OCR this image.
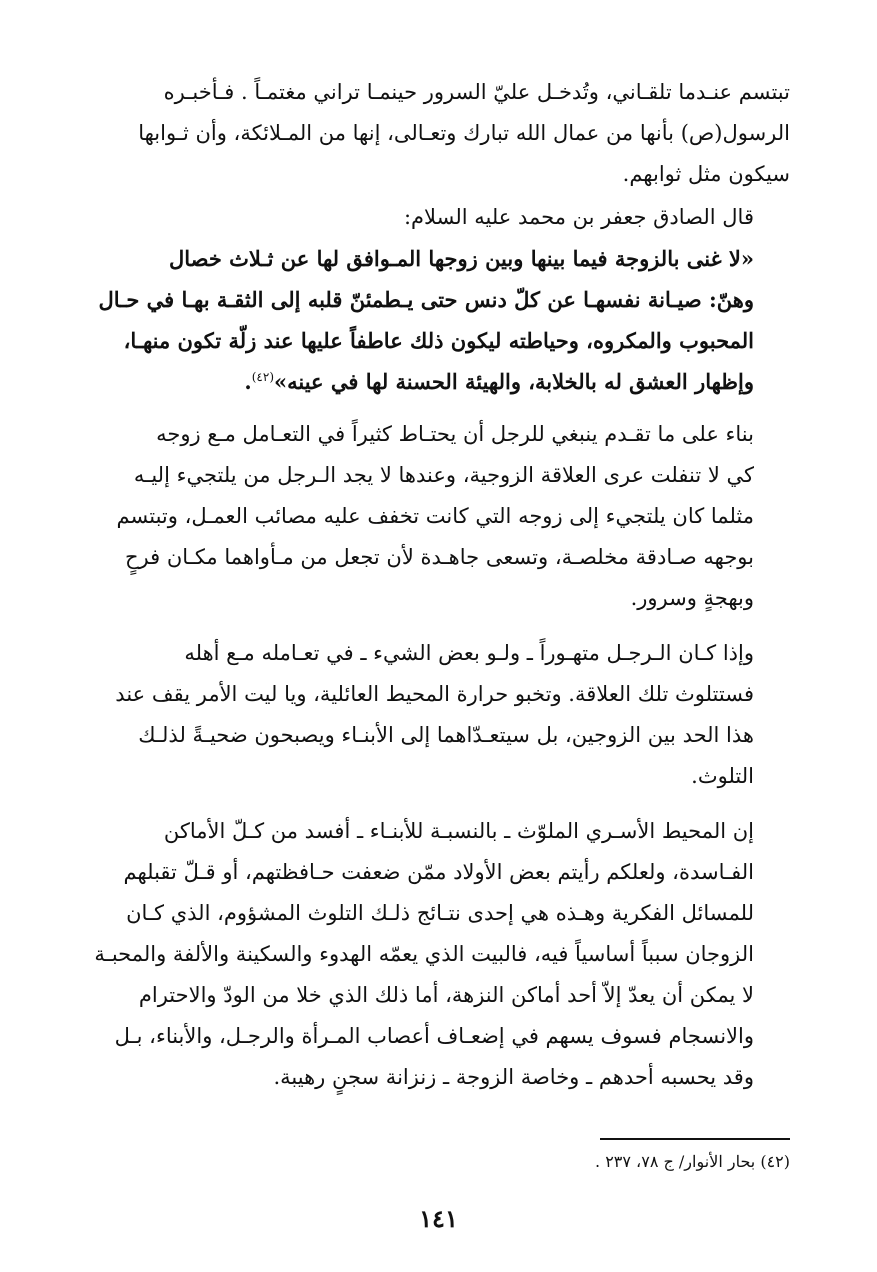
تبتسم عنـدما تلقـاني، وتُدخـل عليّ السرور حينمـا تراني مغتمـاً . فـأخبـره
الرسول(ص) بأنها من عمال الله تبارك وتعـالى، إنها من المـلائكة، وأن ثـوابها
سيكون مثل ثوابهم.

قال الصادق جعفر بن محمد عليه السلام:
«لا غنى بالزوجة فيما بينها وبين زوجها المـوافق لها عن ثـلاث خصال
وهنّ: صيـانة نفسهـا عن كلّ دنس حتى يـطمئنّ قلبه إلى الثقـة بهـا في حـال
المحبوب والمكروه، وحياطته ليكون ذلك عاطفاً عليها عند زلّة تكون منهـا،
وإظهار العشق له بالخلابة، والهيئة الحسنة لها في عينه»$^{(٤٢)}$.

بناء على ما تقـدم ينبغي للرجل أن يحتـاط كثيراً في التعـامل مـع زوجه
كي لا تنفلت عرى العلاقة الزوجية، وعندها لا يجد الـرجل من يلتجيء إليـه
مثلما كان يلتجيء إلى زوجه التي كانت تخفف عليه مصائب العمـل، وتبتسم
بوجهه صـادقة مخلصـة، وتسعى جاهـدة لأن تجعل من مـأواهما مكـان فرحٍ
وبهجةٍ وسرور.

وإذا كـان الـرجـل متهـوراً ـ ولـو بعض الشيء ـ في تعـامله مـع أهله
فستتلوث تلك العلاقة. وتخبو حرارة المحيط العائلية، ويا ليت الأمر يقف عند
هذا الحد بين الزوجين، بل سيتعـدّاهما إلى الأبنـاء ويصبحون ضحيـةً لذلـك
التلوث.

إن المحيط الأسـري الملوّث ـ بالنسبـة للأبنـاء ـ أفسد من كـلّ الأماكن
الفـاسدة، ولعلكم رأيتم بعض الأولاد ممّن ضعفت حـافظتهم، أو قـلّ تقبلهم
للمسائل الفكرية وهـذه هي إحدى نتـائج ذلـك التلوث المشؤوم، الذي كـان
الزوجان سبباً أساسياً فيه، فالبيت الذي يعمّه الهدوء والسكينة والألفة والمحبـة
لا يمكن أن يعدّ إلاّ أحد أماكن النزهة، أما ذلك الذي خلا من الودّ والاحترام
والانسجام فسوف يسهم في إضعـاف أعصاب المـرأة والرجـل، والأبناء، بـل
وقد يحسبه أحدهم ـ وخاصة الزوجة ـ زنزانة سجنٍ رهيبة.

(٤٢) بحار الأنوار/ ج ٧٨، ٢٣٧ .
١٤١
